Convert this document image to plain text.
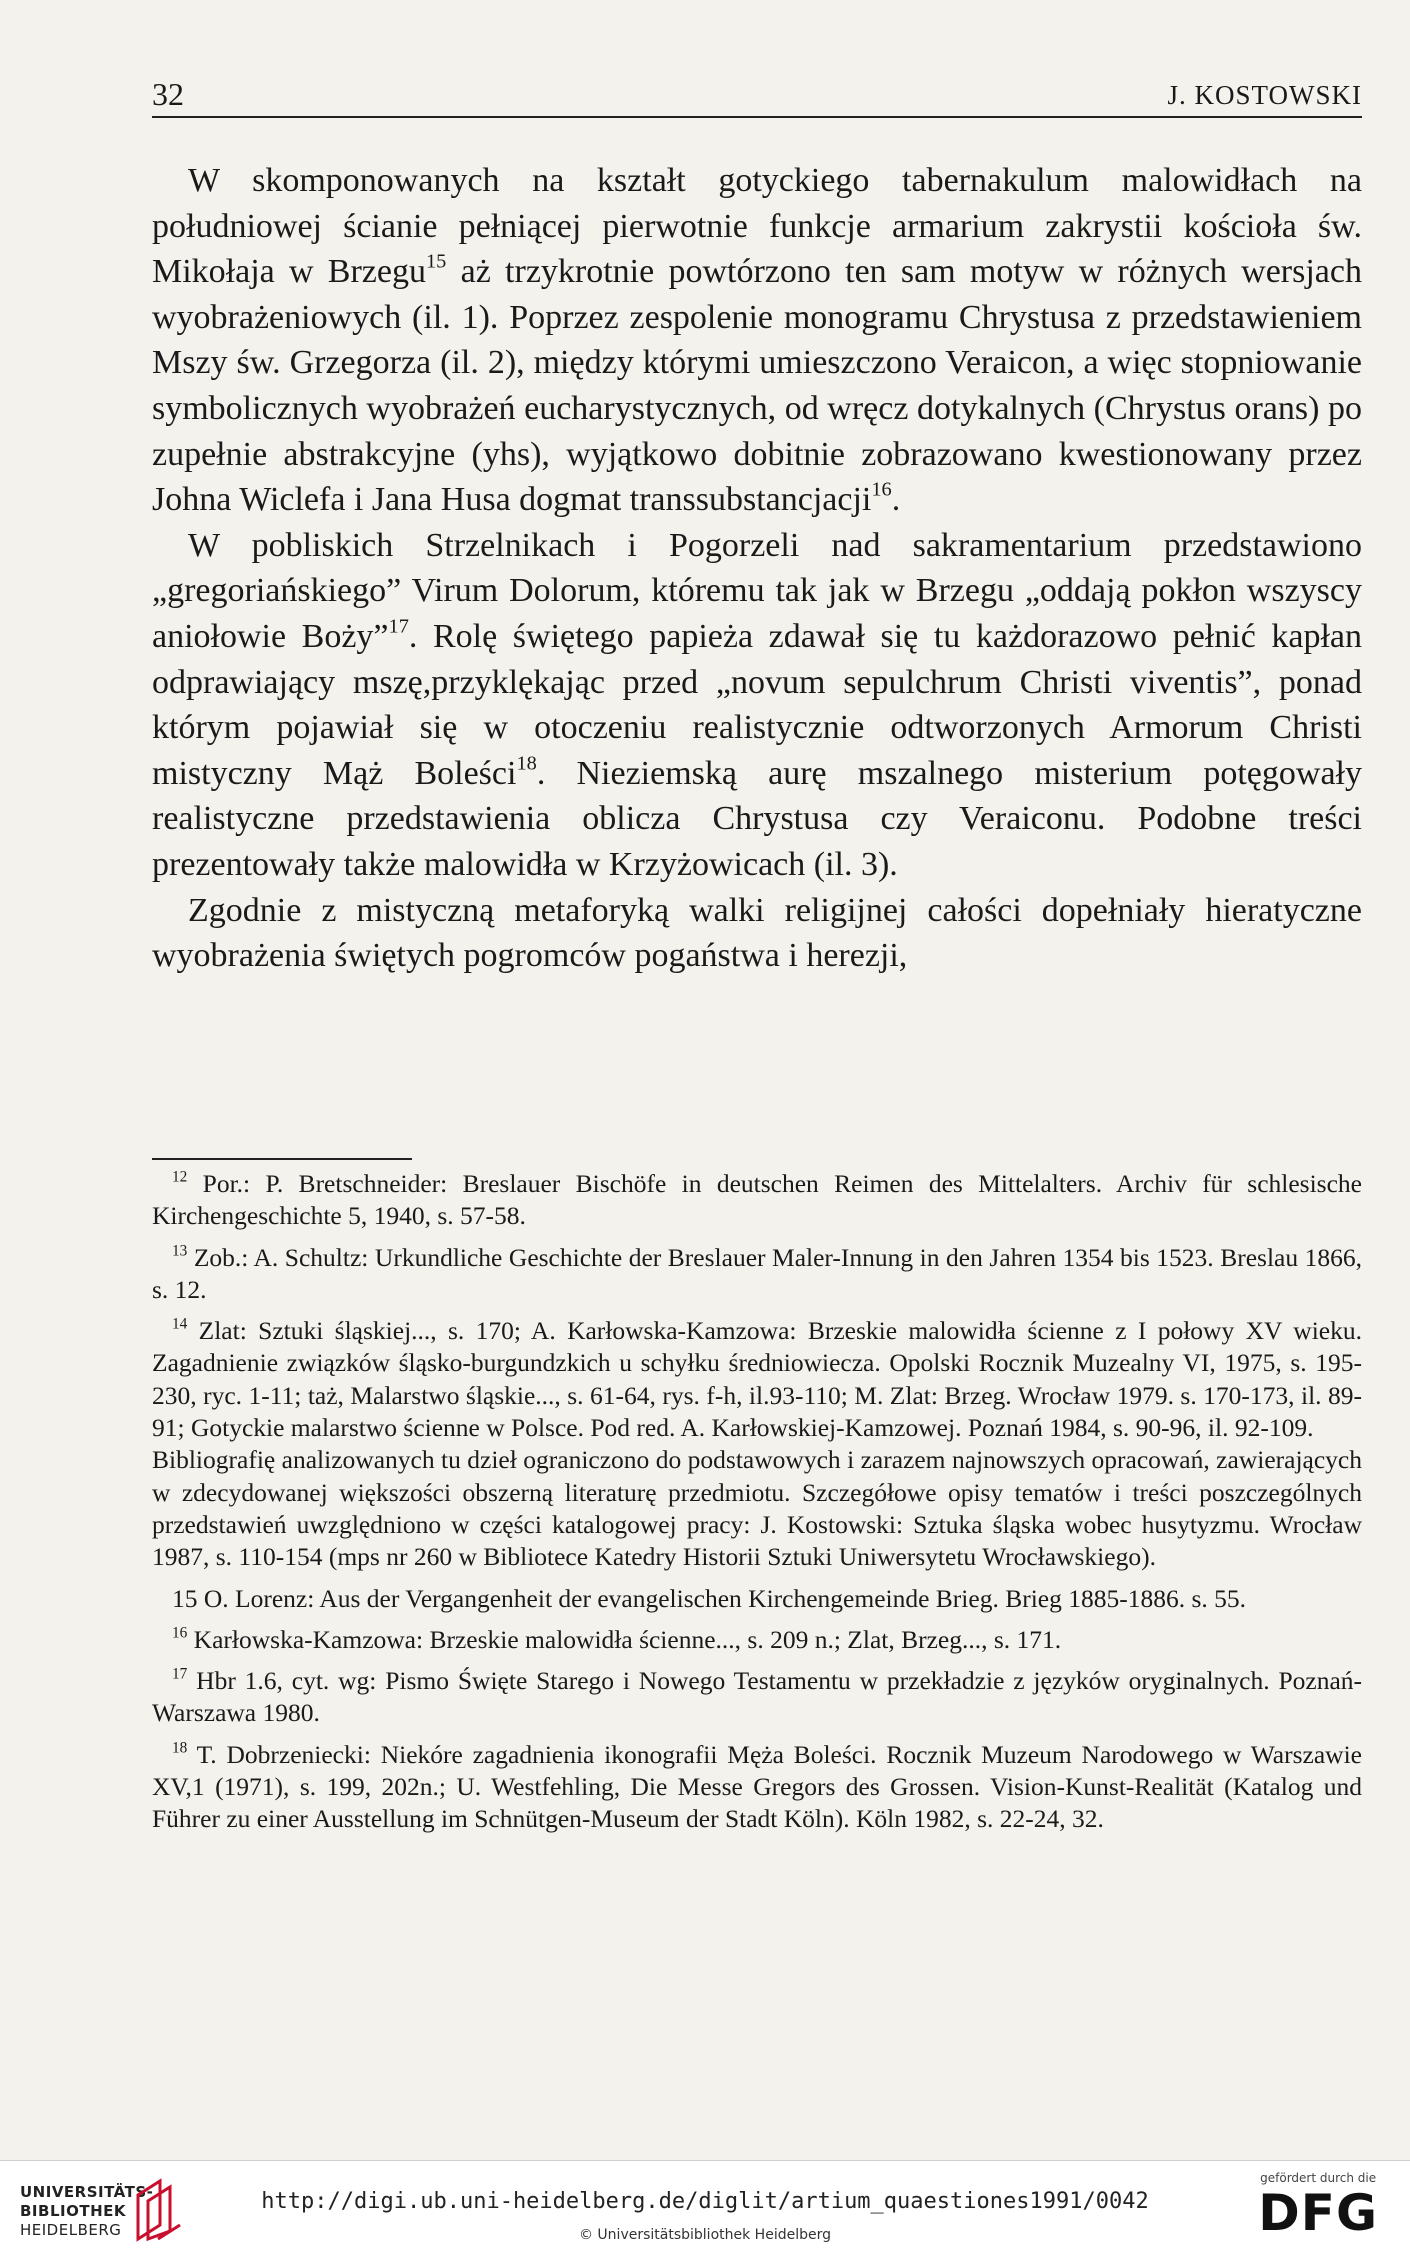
32	J. KOSTOWSKI

W skomponowanych na kształt gotyckiego tabernakulum malowidłach na południowej ścianie pełniącej pierwotnie funkcje armarium zakrystii kościoła św. Mikołaja w Brzegu$^{15}$ aż trzykrotnie powtórzono ten sam motyw w różnych wersjach wyobrażeniowych (il. 1). Poprzez zespolenie monogramu Chrystusa z przedstawieniem Mszy św. Grzegorza (il. 2), między którymi umieszczono Veraicon, a więc stopniowanie symbolicznych wyobrażeń eucharystycznych, od wręcz dotykalnych (Chrystus orans) po zupełnie abstrakcyjne (yhs), wyjątkowo dobitnie zobrazowano kwestionowany przez Johna Wiclefa i Jana Husa dogmat transsubstancjacji$^{16}$.

W pobliskich Strzelnikach i Pogorzeli nad sakramentarium przedstawiono „gregoriańskiego” Virum Dolorum, któremu tak jak w Brzegu „oddają pokłon wszyscy aniołowie Boży”$^{17}$. Rolę świętego papieża zdawał się tu każdorazowo pełnić kapłan odprawiający mszę,przyklękając przed „novum sepulchrum Christi viventis”, ponad którym pojawiał się w otoczeniu realistycznie odtworzonych Armorum Christi mistyczny Mąż Boleści$^{18}$. Nieziemską aurę mszalnego misterium potęgowały realistyczne przedstawienia oblicza Chrystusa czy Veraiconu. Podobne treści prezentowały także malowidła w Krzyżowicach (il. 3).

Zgodnie z mistyczną metaforyką walki religijnej całości dopełniały hieratyczne wyobrażenia świętych pogromców pogaństwa i herezji,

$^{12}$ Por.: P. Bretschneider: Breslauer Bischöfe in deutschen Reimen des Mittelalters. Archiv für schlesische Kirchengeschichte 5, 1940, s. 57-58.

$^{13}$ Zob.: A. Schultz: Urkundliche Geschichte der Breslauer Maler-Innung in den Jahren 1354 bis 1523. Breslau 1866, s. 12.

$^{14}$ Zlat: Sztuki śląskiej..., s. 170; A. Karłowska-Kamzowa: Brzeskie malowidła ścienne z I połowy XV wieku. Zagadnienie związków śląsko-burgundzkich u schyłku średniowiecza. Opolski Rocznik Muzealny VI, 1975, s. 195-230, ryc. 1-11; taż, Malarstwo śląskie..., s. 61-64, rys. f-h, il.93-110; M. Zlat: Brzeg. Wrocław 1979. s. 170-173, il. 89-91; Gotyckie malarstwo ścienne w Polsce. Pod red. A. Karłowskiej-Kamzowej. Poznań 1984, s. 90-96, il. 92-109.

Bibliografię analizowanych tu dzieł ograniczono do podstawowych i zarazem najnowszych opracowań, zawierających w zdecydowanej większości obszerną literaturę przedmiotu. Szczegółowe opisy tematów i treści poszczególnych przedstawień uwzględniono w części katalogowej pracy: J. Kostowski: Sztuka śląska wobec husytyzmu. Wrocław 1987, s. 110-154 (mps nr 260 w Bibliotece Katedry Historii Sztuki Uniwersytetu Wrocławskiego).

15 O. Lorenz: Aus der Vergangenheit der evangelischen Kirchengemeinde Brieg. Brieg 1885-1886. s. 55.

$^{16}$ Karłowska-Kamzowa: Brzeskie malowidła ścienne..., s. 209 n.; Zlat, Brzeg..., s. 171.

$^{17}$ Hbr 1.6, cyt. wg: Pismo Święte Starego i Nowego Testamentu w przekładzie z języków oryginalnych. Poznań-Warszawa 1980.

$^{18}$ T. Dobrzeniecki: Niekóre zagadnienia ikonografii Męża Boleści. Rocznik Muzeum Narodowego w Warszawie XV,1 (1971), s. 199, 202n.; U. Westfehling, Die Messe Gregors des Grossen. Vision-Kunst-Realität (Katalog und Führer zu einer Ausstellung im Schnütgen-Museum der Stadt Köln). Köln 1982, s. 22-24, 32.

UNIVERSITÄTS-
BIBLIOTHEK
HEIDELBERG
http://digi.ub.uni-heidelberg.de/diglit/artium_quaestiones1991/0042
© Universitätsbibliothek Heidelberg
gefördert durch die
DFG
